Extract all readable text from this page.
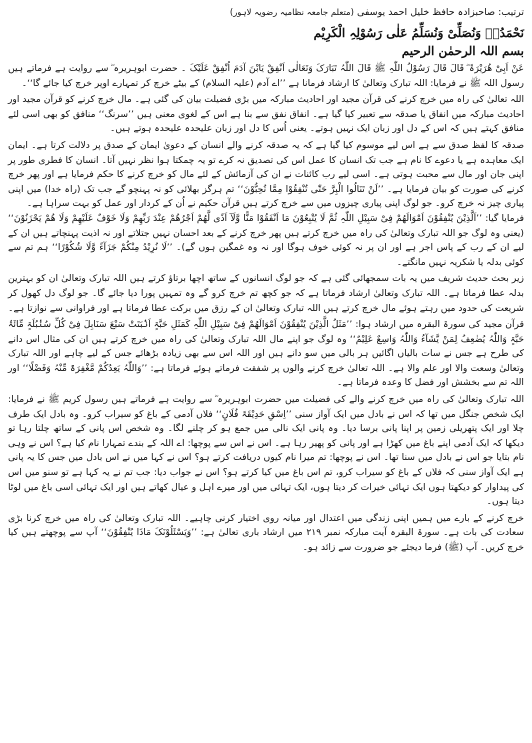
ترتیب: صاحبزادہ حافظ خلیل احمد یوسفی (متعلم جامعہ نظامیہ رضویہ لاہور)
نَحْمَدُہٗ وَنُصَلِّیْ وَنُسَلِّمُ عَلٰی رَسُوْلِہِ الْکَرِیْم
بسم اللہ الرحمٰن الرحیم

عَنْ اَبِیْ ھُرَیْرَۃَ ؓ قَالَ قَالَ رَسُوْلُ اللّٰہِ ﷺ قَالَ اللّٰہُ تَبَارَکَ وَتَعَالٰی اَنْفِقْ یَابْنَ آدَمَ اُنْفِقْ عَلَیْکَ ۔ حضرت ابوہریرہ ؓ سے روایت ہے فرماتے ہیں رسول اللہ ﷺ نے فرمایا: اللہ تبارک وتعالیٰ کا ارشاد فرمانا ہے ’’اے آدم (علیہ السلام) کے بیٹے خرچ کر تمہارے اوپر خرچ کیا جائے گا‘‘۔

اللہ تعالیٰ کی راہ میں خرچ کرنے کی قرآن مجید اور احادیث مبارکہ میں بڑی فضیلت بیان کی گئی ہے۔ مال خرچ کرنے کو قرآن مجید اور احادیث مبارکہ میں انفاق یا صدقہ سے تعبیر کیا گیا ہے۔ انفاق نفق سے بنا ہے اس کے لغوی معنی ہیں ’’سرنگ‘‘ منافق کو بھی اسی لئے منافق کہتے ہیں کہ اس کے دل اور زبان ایک نہیں ہوتے۔ یعنی اُس کا دل اور زبان علیحدہ علیحدہ ہوتے ہیں۔

صدقہ کا لفظ صدق سے ہے اس لیے موسوم کیا گیا ہے کہ یہ صدقہ کرنے والے انسان کے دعویٰ ایمان کے صدق پر دلالت کرتا ہے۔ ایمان ایک معاہدہ ہے یا دعوے کا نام ہے جب تک انسان کا عمل اس کی تصدیق نہ کرے تو یہ چمکتا ہوا نظر نہیں آتا۔ انسان کا فطری طور پر اپنی جان اور مال سے محبت ہوتی ہے۔ اسی لیے رب کائنات نے ان کی آزمائش کے لئے مال کو خرچ کرنے کا حکم فرمایا ہے اور پھر خرچ کرنے کی صورت کو بیان فرمایا ہے۔ ’’لَنْ تَنَالُوا الْبِرَّ حَتّٰی تُنْفِقُوْا مِمَّا تُحِبُّوْنَ‘‘ تم ہرگز بھلائی کو نہ پہنچو گے جب تک (راہ خدا) میں اپنی پیاری چیز نہ خرچ کرو۔ جو لوگ اپنی پیاری چیزوں میں سے خرچ کرتے ہیں قرآن حکیم نے اُن کے کردار اور عمل کو بہت سراہا ہے۔

فرمایا گیا: ’’اَلَّذِیْنَ یُنْفِقُوْنَ اَمْوَالَھُمْ فِیْ سَبِیْلِ اللّٰہِ ثُمَّ لَا یُتْبِعُوْنَ مَا اَنْفَقُوْا مَنًّا وَّلَآ اَذًی لَّھُمْ اَجْرُھُمْ عِنْدَ رَبِّھِمْ وَلَا خَوْفٌ عَلَیْھِمْ وَلَا ھُمْ یَحْزَنُوْنَ‘‘ (یعنی وہ لوگ جو اللہ تبارک وتعالیٰ کی راہ میں خرچ کرتے ہیں پھر خرچ کرنے کے بعد احسان نہیں جتلاتے اور نہ اذیت پہنچاتے ہیں ان کے لیے ان کے رب کے پاس اجر ہے اور ان پر نہ کوئی خوف ہوگا اور نہ وہ غمگین ہوں گے)۔ ’’لَا نُرِیْدُ مِنْکُمْ جَزَآءً وَّلَا شُکُوْرًا‘‘ ہم تم سے کوئی بدلہ یا شکریہ نہیں مانگتے۔

زیر بحث حدیث شریف میں یہ بات سمجھائی گئی ہے کہ جو لوگ انسانوں کے ساتھ اچھا برتاؤ کرتے ہیں اللہ تبارک وتعالیٰ ان کو بہترین بدلہ عطا فرماتا ہے۔ اللہ تبارک وتعالیٰ ارشاد فرماتا ہے کہ جو کچھ تم خرچ کرو گے وہ تمہیں پورا دیا جائے گا۔ جو لوگ دل کھول کر شریعت کی حدود میں رہتے ہوئے مال خرچ کرتے ہیں اللہ تبارک وتعالیٰ ان کے رزق میں برکت عطا فرماتا ہے اور فراوانی سے نوازتا ہے۔

قرآن مجید کی سورۃ البقرہ میں ارشاد ہوا: ’’مَثَلُ الَّذِیْنَ یُنْفِقُوْنَ اَمْوَالَھُمْ فِیْ سَبِیْلِ اللّٰہِ کَمَثَلِ حَبَّۃٍ اَنْۢبَتَتْ سَبْعَ سَنَابِلَ فِیْ کُلِّ سُنْۢبُلَۃٍ مِّائَۃُ حَبَّۃٍ وَاللّٰہُ یُضٰعِفُ لِمَنْ یَّشَآءُ وَاللّٰہُ وَاسِعٌ عَلِیْمٌ‘‘ وہ لوگ جو اپنے مال اللہ تبارک وتعالیٰ کی راہ میں خرچ کرتے ہیں ان کی مثال اس دانے کی طرح ہے جس نے سات بالیاں اگائیں ہر بالی میں سو دانے ہیں اور اللہ اس سے بھی زیادہ بڑھائے جس کے لیے چاہے اور اللہ تبارک وتعالیٰ وسعت والا اور علم والا ہے۔ اللہ تعالیٰ خرچ کرنے والوں پر شفقت فرماتے ہوئے فرماتا ہے: ’’وَاللّٰہُ یَعِدُکُمْ مَّغْفِرَۃً مِّنْہُ وَفَضْلًا‘‘ اور اللہ تم سے بخشش اور فضل کا وعدہ فرماتا ہے۔

اللہ تبارک وتعالیٰ کی راہ میں خرچ کرنے والے کی فضیلت میں حضرت ابوہریرہ ؓ سے روایت ہے فرماتے ہیں رسول کریم ﷺ نے فرمایا: ایک شخص جنگل میں تھا کہ اس نے بادل میں ایک آواز سنی ’’اِسْقِ حَدِیْقَۃَ فُلَانٍ‘‘ فلاں آدمی کے باغ کو سیراب کرو۔ وہ بادل ایک طرف چلا اور ایک پتھریلی زمین پر اپنا پانی برسا دیا۔ وہ پانی ایک نالی میں جمع ہو کر چلنے لگا۔ وہ شخص اس پانی کے ساتھ چلتا رہا تو دیکھا کہ ایک آدمی اپنے باغ میں کھڑا ہے اور پانی کو پھیر رہا ہے۔ اس نے اس سے پوچھا: اے اللہ کے بندے تمہارا نام کیا ہے؟ اس نے وہی نام بتایا جو اس نے بادل میں سنا تھا۔ اس نے پوچھا: تم میرا نام کیوں دریافت کرتے ہو؟ اس نے کہا میں نے اس بادل میں جس کا یہ پانی ہے ایک آواز سنی کہ فلاں کے باغ کو سیراب کرو، تم اس باغ میں کیا کرتے ہو؟ اس نے جواب دیا: جب تم نے یہ کہا ہے تو سنو میں اس کی پیداوار کو دیکھتا ہوں ایک تہائی خیرات کر دیتا ہوں، ایک تہائی میں اور میرے اہل و عیال کھاتے ہیں اور ایک تہائی اسی باغ میں لوٹا دیتا ہوں۔

خرچ کرنے کے بارے میں ہمیں اپنی زندگی میں اعتدال اور میانہ روی اختیار کرنی چاہیے۔ اللہ تبارک وتعالیٰ کی راہ میں خرچ کرنا بڑی سعادت کی بات ہے۔ سورۃ البقرہ آیت مبارکہ نمبر ۲۱۹ میں ارشاد باری تعالیٰ ہے: ’’وَیَسْئَلُوْنَکَ مَاذَا یُنْفِقُوْنَ‘‘ آپ سے پوچھتے ہیں کیا خرچ کریں۔ آپ (ﷺ) فرما دیجئے جو ضرورت سے زائد ہو۔
